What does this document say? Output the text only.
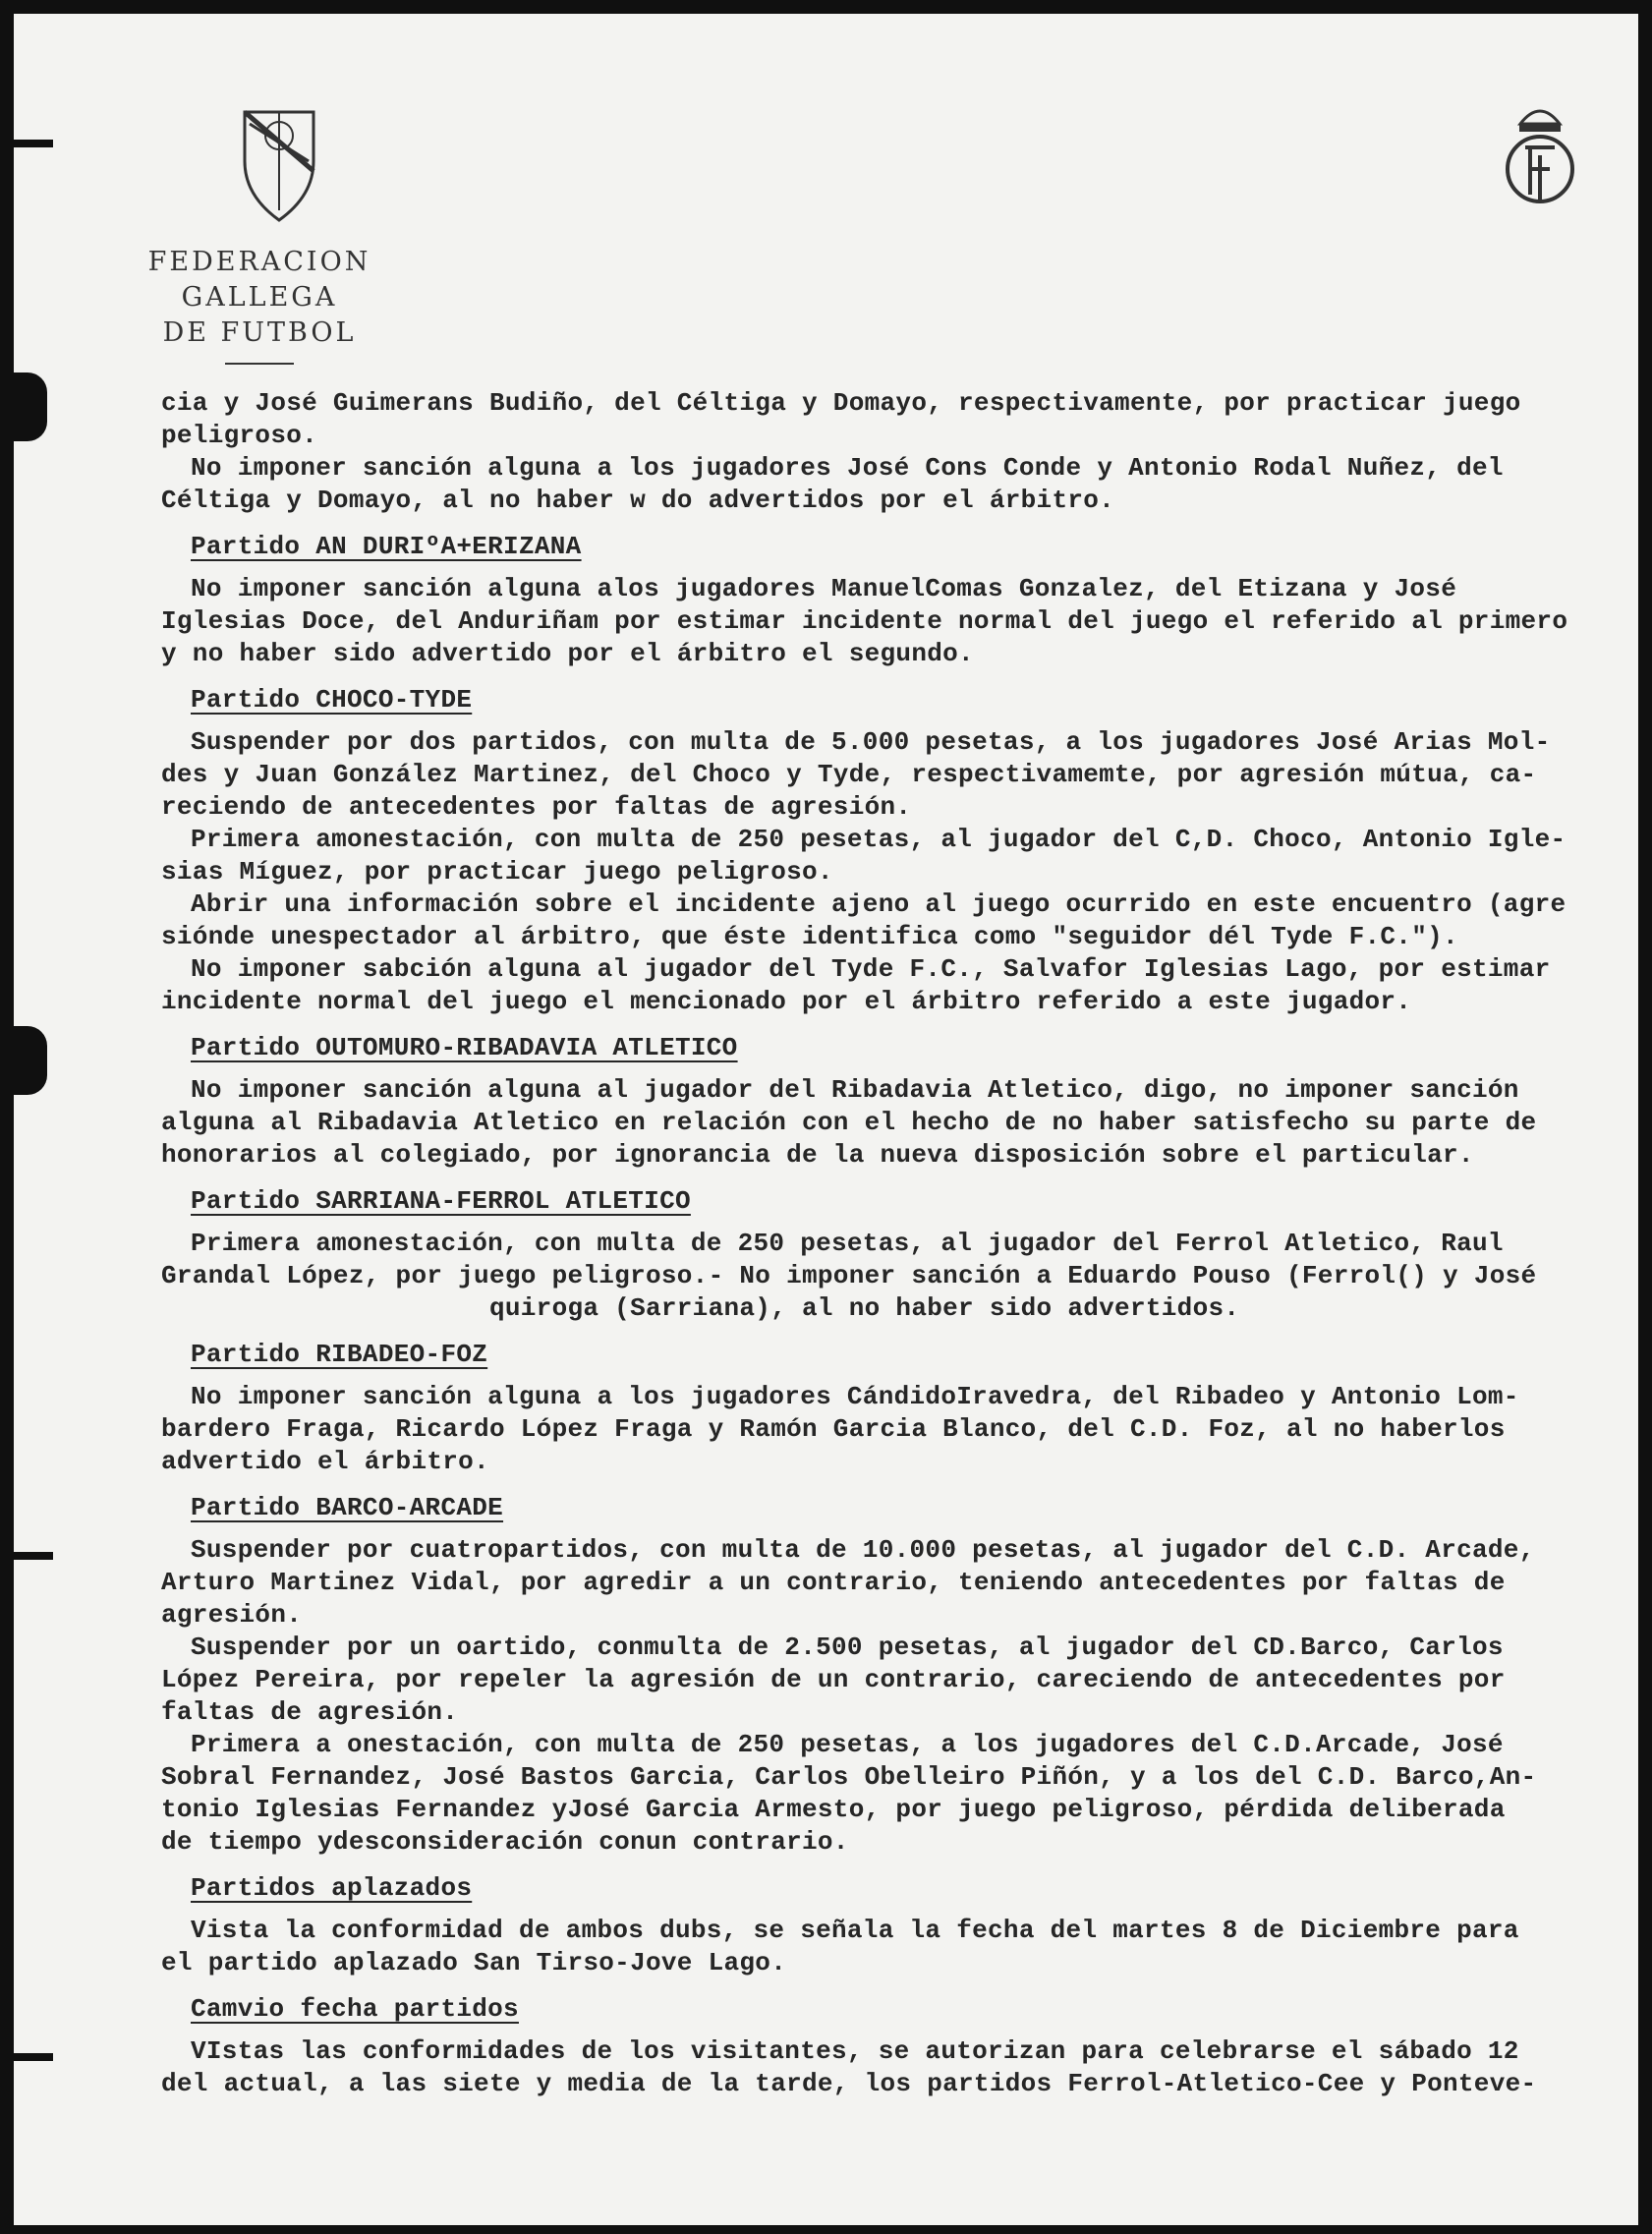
FEDERACION GALLEGA
DE FUTBOL
cia y José Guimerans Budiño, del Céltiga y Domayo, respectivamente, por practicar juego
peligroso.
No imponer sanción alguna a los jugadores José Cons Conde y Antonio Rodal Nuñez, del
Céltiga y Domayo, al no haber w do advertidos por el árbitro.
Partido AN DURIºA+ERIZANA
No imponer sanción alguna alos jugadores ManuelComas Gonzalez, del Etizana y José
Iglesias Doce, del Anduriñam por estimar incidente normal del juego el referido al primero
y no haber sido advertido por el árbitro el segundo.
Partido CHOCO-TYDE
Suspender por dos partidos, con multa de 5.000 pesetas, a los jugadores José Arias Mol-
des y Juan González Martinez, del Choco y Tyde, respectivamemte, por agresión mútua, ca-
reciendo de antecedentes por faltas de agresión.
Primera amonestación, con multa de 250 pesetas, al jugador del C,D. Choco, Antonio Igle-
sias Míguez, por practicar juego peligroso.
Abrir una información sobre el incidente ajeno al juego ocurrido en este encuentro (agre
siónde unespectador al árbitro, que éste identifica como "seguidor dél Tyde F.C.").
No imponer sabción alguna al jugador del Tyde F.C., Salvafor Iglesias Lago, por estimar
incidente normal del juego el mencionado por el árbitro referido a este jugador.
Partido OUTOMURO-RIBADAVIA ATLETICO
No imponer sanción alguna al jugador del Ribadavia Atletico, digo, no imponer sanción
alguna al Ribadavia Atletico en relación con el hecho de no haber satisfecho su parte de
honorarios al colegiado, por ignorancia de la nueva disposición sobre el particular.
Partido SARRIANA-FERROL ATLETICO
Primera amonestación, con multa de 250 pesetas, al jugador del Ferrol Atletico, Raul
Grandal López, por juego peligroso.- No imponer sanción a Eduardo Pouso (Ferrol() y José
quiroga (Sarriana), al no haber sido advertidos.
Partido RIBADEO-FOZ
No imponer sanción alguna a los jugadores CándidoIravedra, del Ribadeo y Antonio Lom-
bardero Fraga, Ricardo López Fraga y Ramón Garcia Blanco, del C.D. Foz, al no haberlos
advertido el árbitro.
Partido BARCO-ARCADE
Suspender por cuatropartidos, con multa de 10.000 pesetas, al jugador del C.D. Arcade,
Arturo Martinez Vidal, por agredir a un contrario, teniendo antecedentes por faltas de
agresión.
Suspender por un oartido, conmulta de 2.500 pesetas, al jugador del CD.Barco, Carlos
López Pereira, por repeler la agresión de un contrario, careciendo de antecedentes por
faltas de agresión.
Primera a onestación, con multa de 250 pesetas, a los jugadores del C.D.Arcade, José
Sobral Fernandez, José Bastos Garcia, Carlos Obelleiro Piñón, y a los del C.D. Barco,An-
tonio Iglesias Fernandez yJosé Garcia Armesto, por juego peligroso, pérdida deliberada
de tiempo ydesconsideración conun contrario.
Partidos aplazados
Vista la conformidad de ambos dubs, se señala la fecha del martes 8 de Diciembre para
el partido aplazado San Tirso-Jove Lago.
Camvio fecha partidos
VIstas las conformidades de los visitantes, se autorizan para celebrarse el sábado 12
del actual, a las siete y media de la tarde, los partidos Ferrol-Atletico-Cee y Ponteve-
